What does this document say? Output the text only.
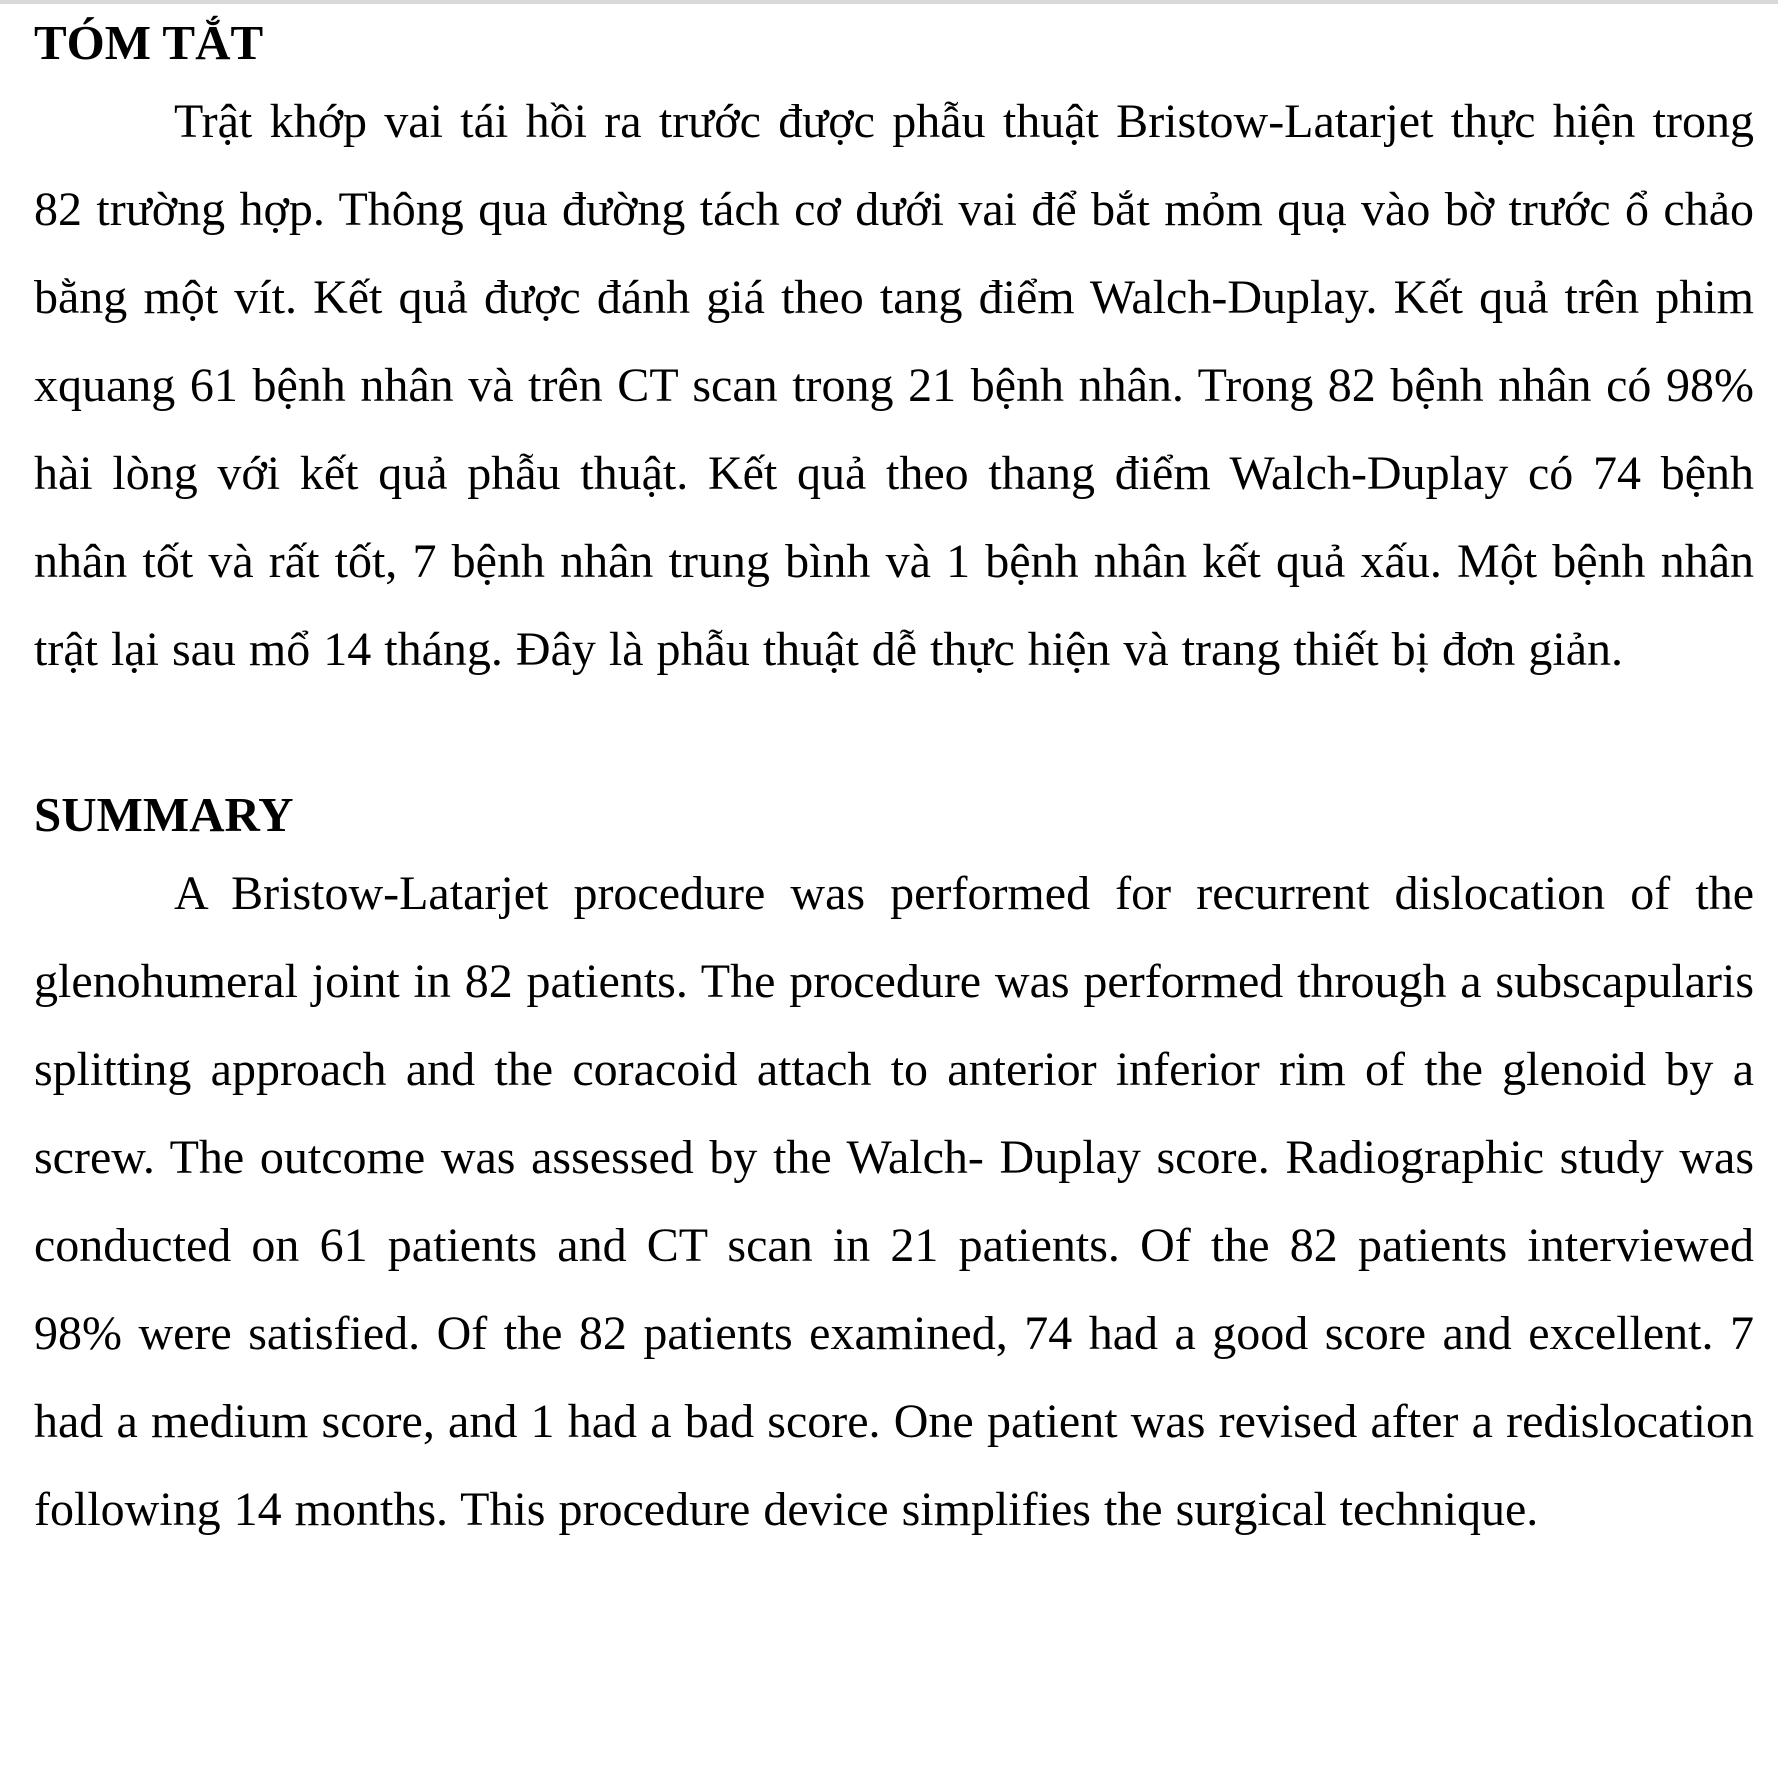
TÓM TẮT

Trật khớp vai tái hồi ra trước được phẫu thuật Bristow-Latarjet thực hiện trong 82 trường hợp. Thông qua đường tách cơ dưới vai để bắt mỏm quạ vào bờ trước ổ chảo bằng một vít. Kết quả được đánh giá theo tang điểm Walch-Duplay. Kết quả trên phim xquang 61 bệnh nhân và trên CT scan trong 21 bệnh nhân. Trong 82 bệnh nhân có 98% hài lòng với kết quả phẫu thuật. Kết quả theo thang điểm Walch-Duplay có 74 bệnh nhân tốt và rất tốt, 7 bệnh nhân trung bình và 1 bệnh nhân kết quả xấu. Một bệnh nhân trật lại sau mổ 14 tháng. Đây là phẫu thuật dễ thực hiện và trang thiết bị đơn giản.

SUMMARY

A Bristow-Latarjet procedure was performed for recurrent dislocation of the glenohumeral joint in 82 patients. The procedure was performed through a subscapularis splitting approach and the coracoid attach to anterior inferior rim of the glenoid by a screw. The outcome was assessed by the Walch- Duplay score. Radiographic study was conducted on 61 patients and CT scan in 21 patients. Of the 82 patients interviewed 98% were satisfied. Of the 82 patients examined, 74 had a good score and excellent. 7 had a medium score, and 1 had a bad score. One patient was revised after a redislocation following 14 months. This procedure device simplifies the surgical technique.
